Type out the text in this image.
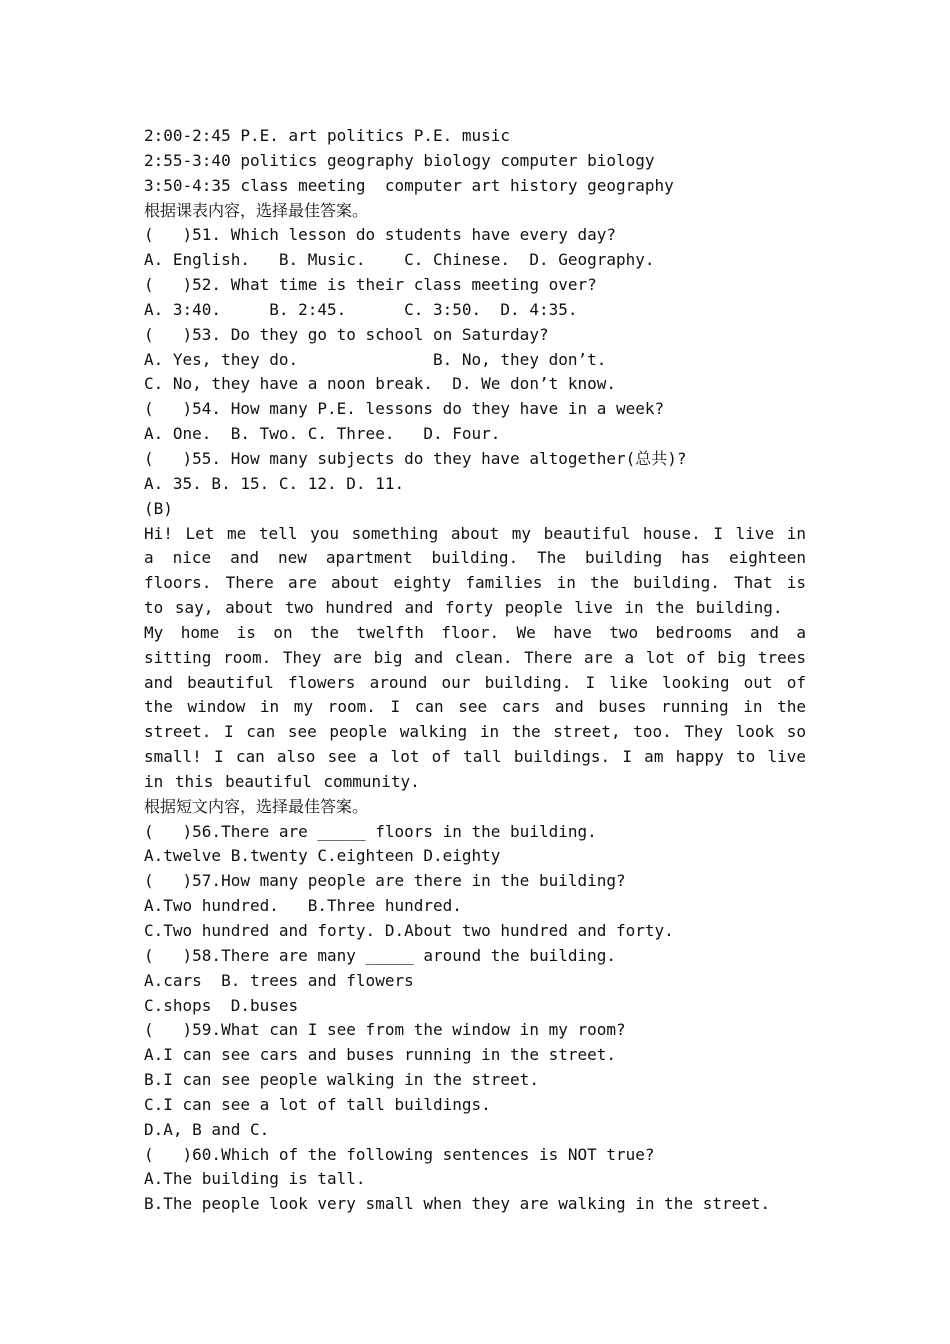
2:00-2:45 P.E. art politics P.E. music
2:55-3:40 politics geography biology computer biology
3:50-4:35 class meeting  computer art history geography
根据课表内容，选择最佳答案。
(   )51. Which lesson do students have every day?
A. English.   B. Music.    C. Chinese.  D. Geography.
(   )52. What time is their class meeting over?
A. 3:40.     B. 2:45.      C. 3:50.  D. 4:35.
(   )53. Do they go to school on Saturday?
A. Yes, they do.              B. No, they don’t.
C. No, they have a noon break.  D. We don’t know.
(   )54. How many P.E. lessons do they have in a week?
A. One.  B. Two. C. Three.   D. Four.
(   )55. How many subjects do they have altogether(总共)?
A. 35. B. 15. C. 12. D. 11.
(B)
Hi! Let me tell you something about my beautiful house. I live in a nice and new apartment building. The building has eighteen floors. There are about eighty families in the building. That is to say, about two hundred and forty people live in the building.
My home is on the twelfth floor. We have two bedrooms and a sitting room. They are big and clean. There are a lot of big trees and beautiful flowers around our building. I like looking out of the window in my room. I can see cars and buses running in the street. I can see people walking in the street, too. They look so small! I can also see a lot of tall buildings. I am happy to live in this beautiful community.
根据短文内容，选择最佳答案。
(   )56.There are _____ floors in the building.
A.twelve B.twenty C.eighteen D.eighty
(   )57.How many people are there in the building?
A.Two hundred.   B.Three hundred.
C.Two hundred and forty. D.About two hundred and forty.
(   )58.There are many _____ around the building.
A.cars  B. trees and flowers
C.shops  D.buses
(   )59.What can I see from the window in my room?
A.I can see cars and buses running in the street.
B.I can see people walking in the street.
C.I can see a lot of tall buildings.
D.A, B and C.
(   )60.Which of the following sentences is NOT true?
A.The building is tall.
B.The people look very small when they are walking in the street.
